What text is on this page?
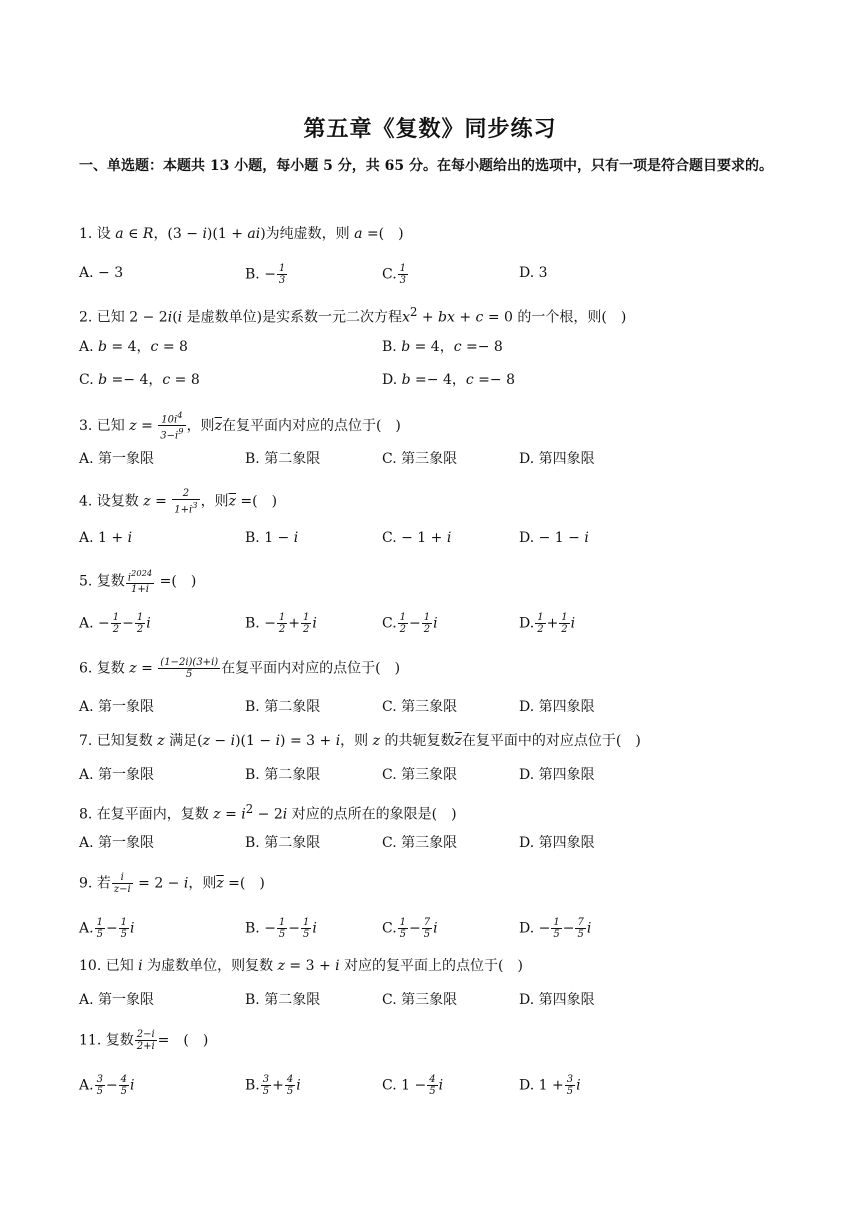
第五章《复数》同步练习
一、单选题：本题共 13 小题，每小题 5 分，共 65 分。在每小题给出的选项中，只有一项是符合题目要求的。
1. 设 a ∈ R，(3 − i)(1 + ai)为纯虚数，则 a =( )
A. − 3	B. − $\frac{1}{3}$	C. $\frac{1}{3}$	D. 3
2. 已知 2 − 2i(i 是虚数单位)是实系数一元二次方程$x^2$ + bx + c = 0 的一个根，则( )
A. b = 4，c = 8	B. b = 4，c =− 8
C. b =− 4，c = 8	D. b =− 4，c =− 8
3. 已知 $z = \frac{10i^4}{3-i^9}$ ，则$\overline{z}$在复平面内对应的点位于( )
A. 第一象限	B. 第二象限	C. 第三象限	D. 第四象限
4. 设复数 $z = \frac{2}{1+i^3}$ ，则$\overline{z}$ =( )
A. 1 + i	B. 1 − i	C. − 1 + i	D. − 1 − i
5. 复数 $\frac{i^{2024}}{1+i}$ =( )
A. − $\frac{1}{2} - \frac{1}{2}$ i	B. − $\frac{1}{2} + \frac{1}{2}$ i	C. $\frac{1}{2} - \frac{1}{2}$ i	D. $\frac{1}{2} + \frac{1}{2}$ i
6. 复数 $z = \frac{(1-2i)(3+i)}{5}$ 在复平面内对应的点位于( )
A. 第一象限	B. 第二象限	C. 第三象限	D. 第四象限
7. 已知复数 z 满足(z − i)(1 − i) = 3 + i，则 z 的共轭复数$\overline{z}$在复平面中的对应点位于( )
A. 第一象限	B. 第二象限	C. 第三象限	D. 第四象限
8. 在复平面内，复数 $z = i^2 - 2i$ 对应的点所在的象限是( )
A. 第一象限	B. 第二象限	C. 第三象限	D. 第四象限
9. 若 $\frac{i}{z-i} = 2 - i$，则$\overline{z}$ =( )
A. $\frac{1}{5} - \frac{1}{5}$ i	B. − $\frac{1}{5} - \frac{1}{5}$ i	C. $\frac{1}{5} - \frac{7}{5}$ i	D. − $\frac{1}{5} - \frac{7}{5}$ i
10. 已知 i 为虚数单位，则复数 z = 3 + i 对应的复平面上的点位于( )
A. 第一象限	B. 第二象限	C. 第三象限	D. 第四象限
11. 复数 $\frac{2-i}{2+i}$ = ( )
A. $\frac{3}{5} - \frac{4}{5}$ i	B. $\frac{3}{5} + \frac{4}{5}$ i	C. $1 - \frac{4}{5}$ i	D. $1 + \frac{3}{5}$ i
